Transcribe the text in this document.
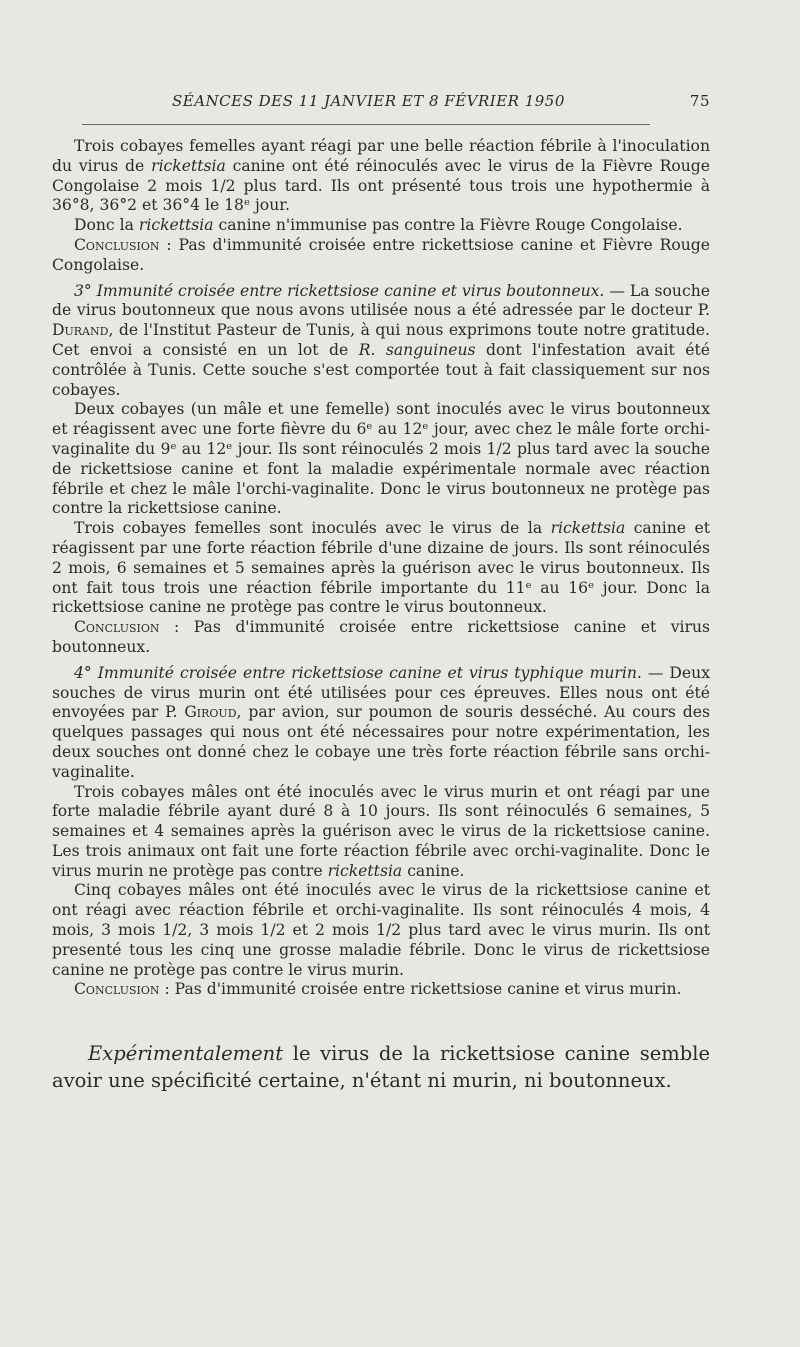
SÉANCES DES 11 JANVIER ET 8 FÉVRIER 1950	75

Trois cobayes femelles ayant réagi par une belle réaction fébrile à l'inoculation du virus de rickettsia canine ont été réinoculés avec le virus de la Fièvre Rouge Congolaise 2 mois 1/2 plus tard. Ils ont présenté tous trois une hypothermie à 36°8, 36°2 et 36°4 le 18ᵉ jour.

Donc la rickettsia canine n'immunise pas contre la Fièvre Rouge Congolaise.

Conclusion : Pas d'immunité croisée entre rickettsiose canine et Fièvre Rouge Congolaise.

3° Immunité croisée entre rickettsiose canine et virus boutonneux. — La souche de virus boutonneux que nous avons utilisée nous a été adressée par le docteur P. Durand, de l'Institut Pasteur de Tunis, à qui nous exprimons toute notre gratitude. Cet envoi a consisté en un lot de R. sanguineus dont l'infestation avait été contrôlée à Tunis. Cette souche s'est comportée tout à fait classiquement sur nos cobayes.

Deux cobayes (un mâle et une femelle) sont inoculés avec le virus boutonneux et réagissent avec une forte fièvre du 6ᵉ au 12ᵉ jour, avec chez le mâle forte orchi-vaginalite du 9ᵉ au 12ᵉ jour. Ils sont réinoculés 2 mois 1/2 plus tard avec la souche de rickettsiose canine et font la maladie expérimentale normale avec réaction fébrile et chez le mâle l'orchi-vaginalite. Donc le virus boutonneux ne protège pas contre la rickettsiose canine.

Trois cobayes femelles sont inoculés avec le virus de la rickettsia canine et réagissent par une forte réaction fébrile d'une dizaine de jours. Ils sont réinoculés 2 mois, 6 semaines et 5 semaines après la guérison avec le virus boutonneux. Ils ont fait tous trois une réaction fébrile importante du 11ᵉ au 16ᵉ jour. Donc la rickettsiose canine ne protège pas contre le virus boutonneux.

Conclusion : Pas d'immunité croisée entre rickettsiose canine et virus boutonneux.

4° Immunité croisée entre rickettsiose canine et virus typhique murin. — Deux souches de virus murin ont été utilisées pour ces épreuves. Elles nous ont été envoyées par P. Giroud, par avion, sur poumon de souris desséché. Au cours des quelques passages qui nous ont été nécessaires pour notre expérimentation, les deux souches ont donné chez le cobaye une très forte réaction fébrile sans orchi-vaginalite.

Trois cobayes mâles ont été inoculés avec le virus murin et ont réagi par une forte maladie fébrile ayant duré 8 à 10 jours. Ils sont réinoculés 6 semaines, 5 semaines et 4 semaines après la guérison avec le virus de la rickettsiose canine. Les trois animaux ont fait une forte réaction fébrile avec orchi-vaginalite. Donc le virus murin ne protège pas contre rickettsia canine.

Cinq cobayes mâles ont été inoculés avec le virus de la rickettsiose canine et ont réagi avec réaction fébrile et orchi-vaginalite. Ils sont réinoculés 4 mois, 4 mois, 3 mois 1/2, 3 mois 1/2 et 2 mois 1/2 plus tard avec le virus murin. Ils ont presenté tous les cinq une grosse maladie fébrile. Donc le virus de rickettsiose canine ne protège pas contre le virus murin.

Conclusion : Pas d'immunité croisée entre rickettsiose canine et virus murin.

Expérimentalement le virus de la rickettsiose canine semble avoir une spécificité certaine, n'étant ni murin, ni boutonneux.
